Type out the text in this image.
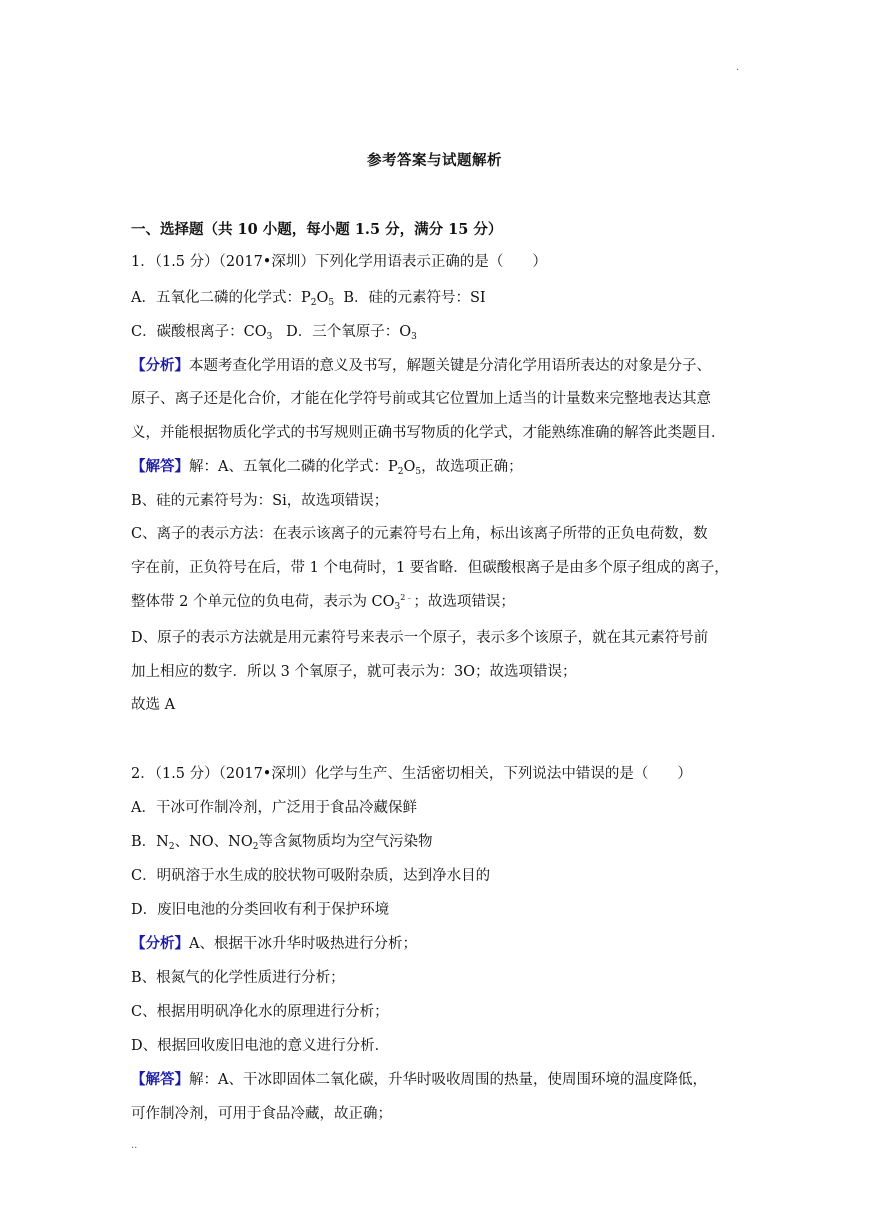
.
参考答案与试题解析
一、选择题（共 10 小题，每小题 1.5 分，满分 15 分）
1．（1.5 分）（2017•深圳）下列化学用语表示正确的是（　　）
A．五氧化二磷的化学式：$P_2O_5$ B．硅的元素符号：SI
C．碳酸根离子：$CO_3$ D．三个氧原子：$O_3$
【分析】本题考查化学用语的意义及书写，解题关键是分清化学用语所表达的对象是分子、
原子、离子还是化合价，才能在化学符号前或其它位置加上适当的计量数来完整地表达其意
义，并能根据物质化学式的书写规则正确书写物质的化学式，才能熟练准确的解答此类题目．
【解答】解：A、五氧化二磷的化学式：$P_2O_5$，故选项正确；
B、硅的元素符号为：Si，故选项错误；
C、离子的表示方法：在表示该离子的元素符号右上角，标出该离子所带的正负电荷数，数
字在前，正负符号在后，带 1 个电荷时，1 要省略．但碳酸根离子是由多个原子组成的离子，
整体带 2 个单元位的负电荷，表示为 $CO_3^{2﹣}$；故选项错误；
D、原子的表示方法就是用元素符号来表示一个原子，表示多个该原子，就在其元素符号前
加上相应的数字．所以 3 个氧原子，就可表示为：3O；故选项错误；
故选 A
2．（1.5 分）（2017•深圳）化学与生产、生活密切相关，下列说法中错误的是（　　）
A．干冰可作制冷剂，广泛用于食品冷藏保鲜
B．$N_2$、NO、$NO_2$等含氮物质均为空气污染物
C．明矾溶于水生成的胶状物可吸附杂质，达到净水目的
D．废旧电池的分类回收有利于保护环境
【分析】A、根据干冰升华时吸热进行分析；
B、根氮气的化学性质进行分析；
C、根据用明矾净化水的原理进行分析；
D、根据回收废旧电池的意义进行分析．
【解答】解：A、干冰即固体二氧化碳，升华时吸收周围的热量，使周围环境的温度降低，
可作制冷剂，可用于食品冷藏，故正确；
..
